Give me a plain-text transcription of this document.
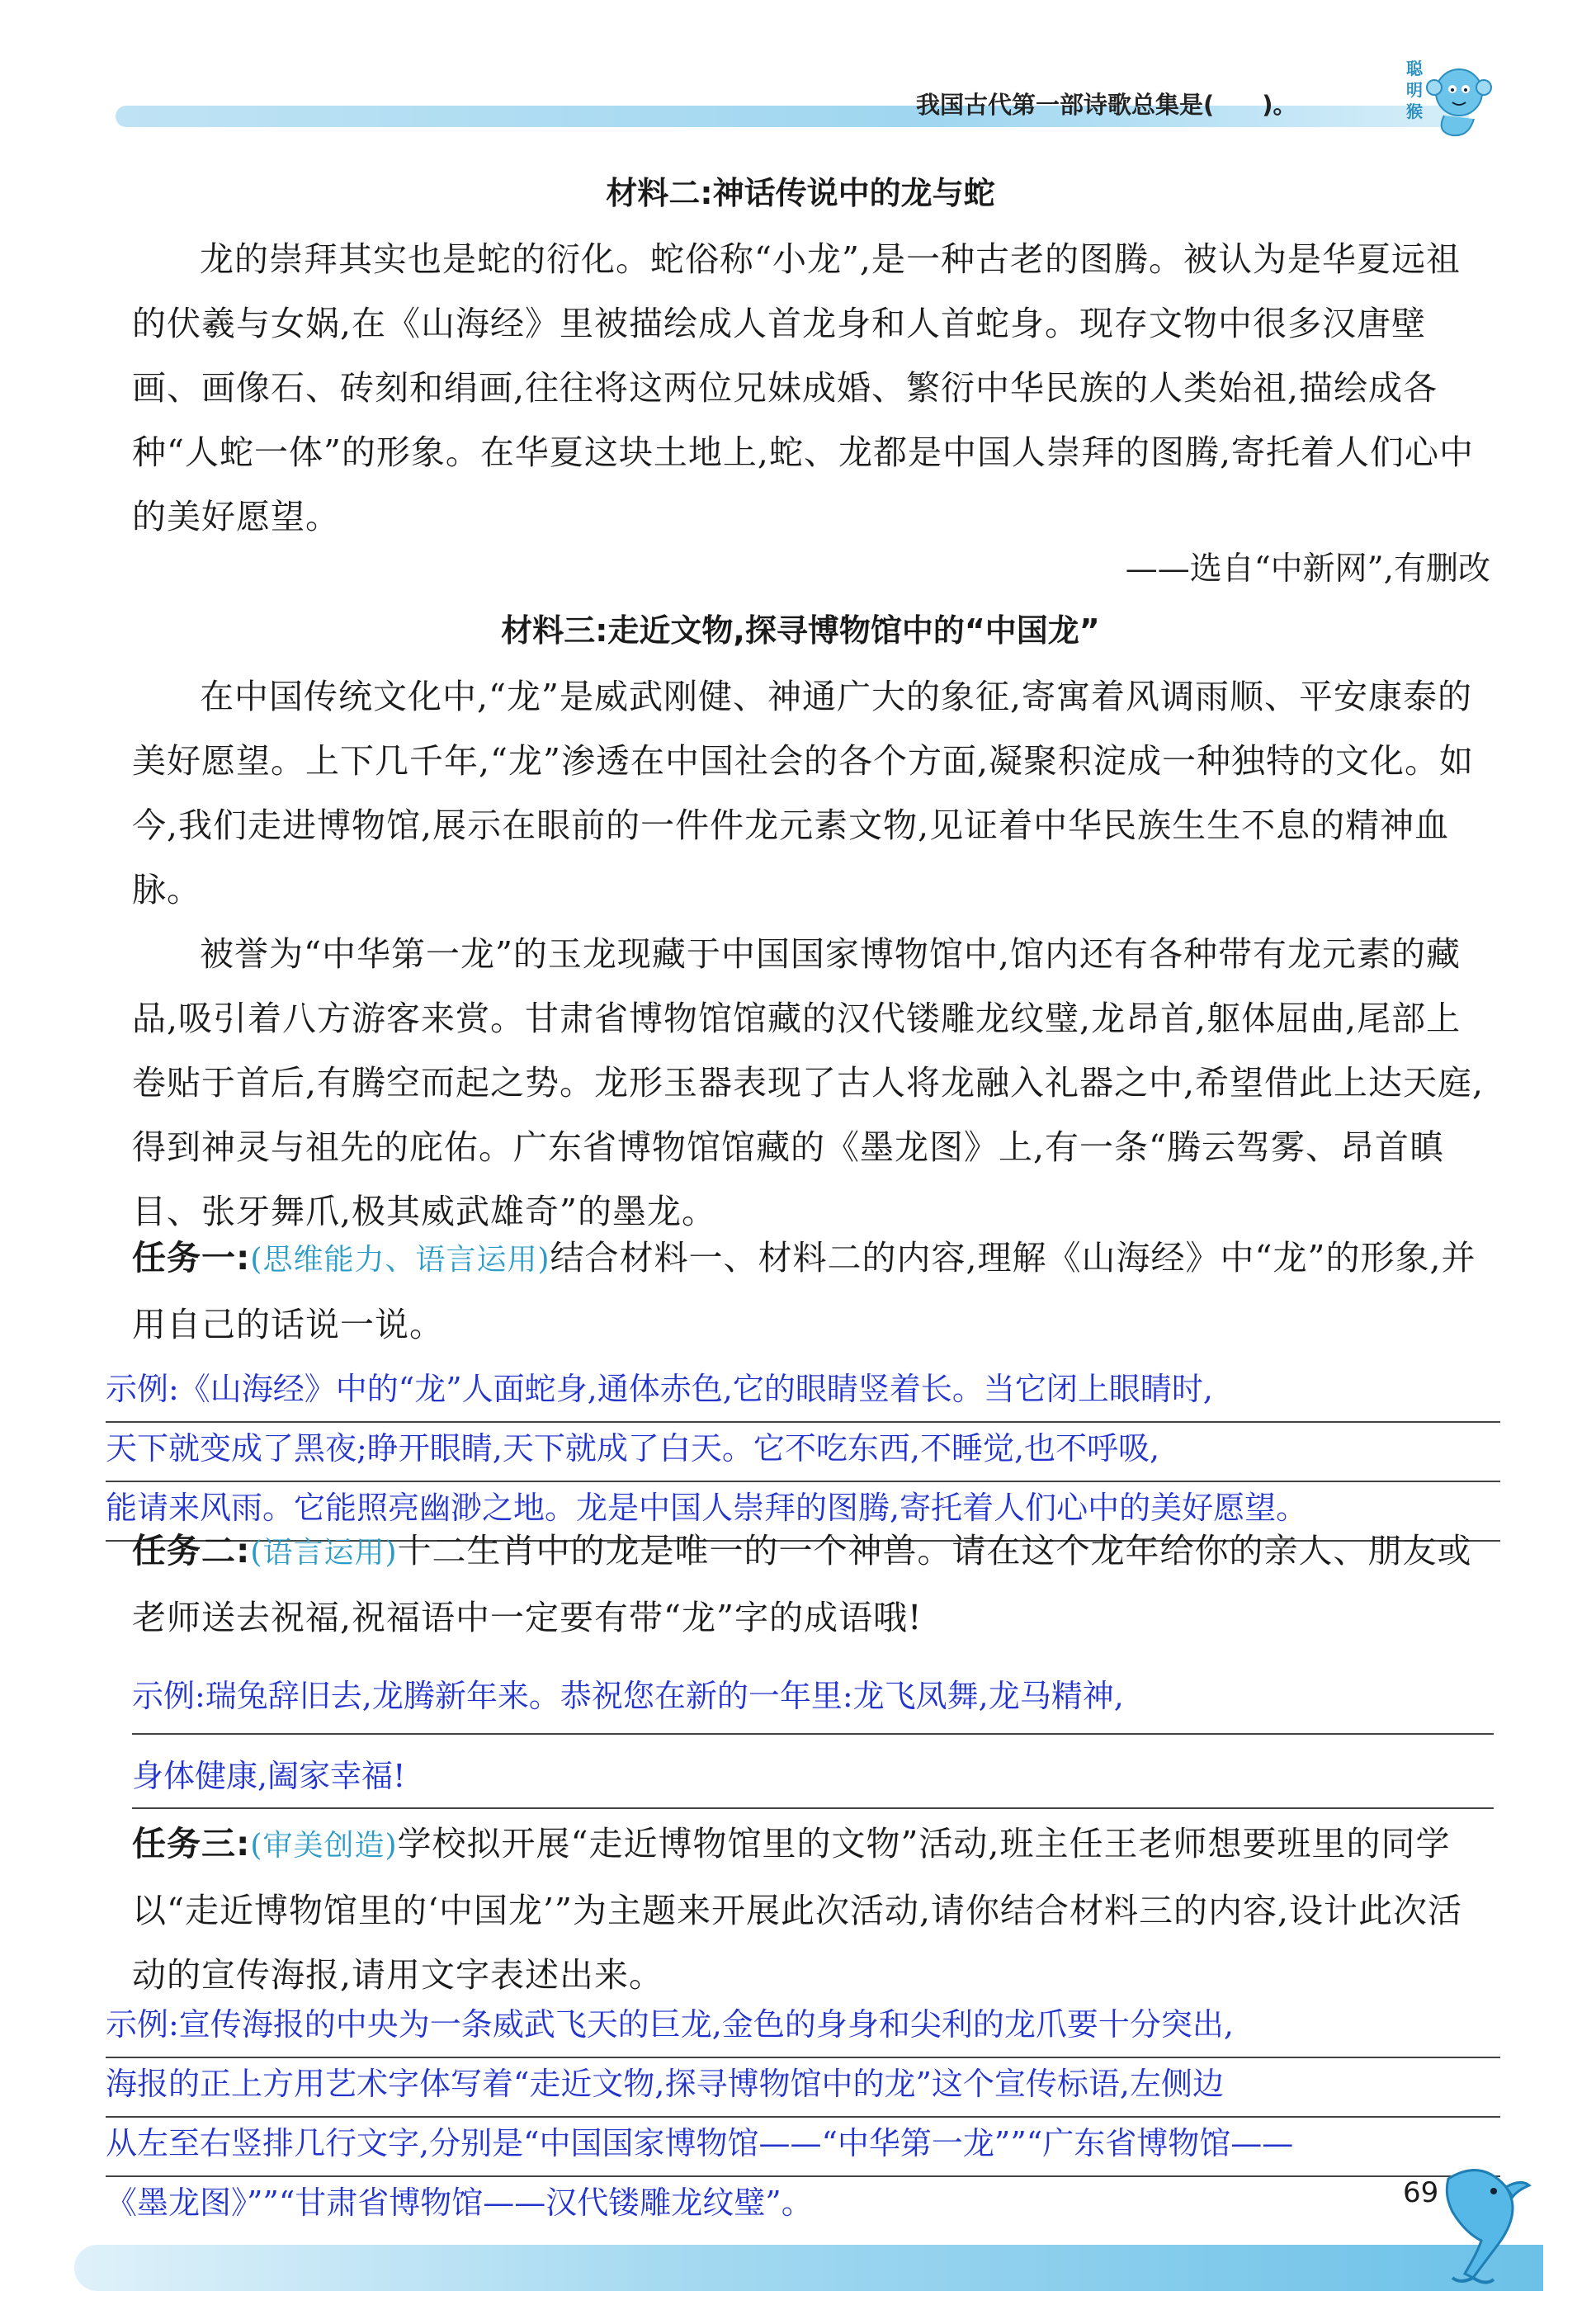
我国古代第一部诗歌总集是(　　)。
聪
明
猴
材料二:神话传说中的龙与蛇

龙的崇拜其实也是蛇的衍化。蛇俗称“小龙”,是一种古老的图腾。被认为是华夏远祖的伏羲与女娲,在《山海经》里被描绘成人首龙身和人首蛇身。现存文物中很多汉唐壁画、画像石、砖刻和绢画,往往将这两位兄妹成婚、繁衍中华民族的人类始祖,描绘成各种“人蛇一体”的形象。在华夏这块土地上,蛇、龙都是中国人崇拜的图腾,寄托着人们心中的美好愿望。

——选自“中新网”,有删改
材料三:走近文物,探寻博物馆中的“中国龙”

在中国传统文化中,“龙”是威武刚健、神通广大的象征,寄寓着风调雨顺、平安康泰的美好愿望。上下几千年,“龙”渗透在中国社会的各个方面,凝聚积淀成一种独特的文化。如今,我们走进博物馆,展示在眼前的一件件龙元素文物,见证着中华民族生生不息的精神血脉。

被誉为“中华第一龙”的玉龙现藏于中国国家博物馆中,馆内还有各种带有龙元素的藏品,吸引着八方游客来赏。甘肃省博物馆馆藏的汉代镂雕龙纹璧,龙昂首,躯体屈曲,尾部上卷贴于首后,有腾空而起之势。龙形玉器表现了古人将龙融入礼器之中,希望借此上达天庭,得到神灵与祖先的庇佑。广东省博物馆馆藏的《墨龙图》上,有一条“腾云驾雾、昂首瞋目、张牙舞爪,极其威武雄奇”的墨龙。

任务一:(思维能力、语言运用)结合材料一、材料二的内容,理解《山海经》中“龙”的形象,并用自己的话说一说。

示例:《山海经》中的“龙”人面蛇身,通体赤色,它的眼睛竖着长。当它闭上眼睛时,
天下就变成了黑夜;睁开眼睛,天下就成了白天。它不吃东西,不睡觉,也不呼吸,
能请来风雨。它能照亮幽渺之地。龙是中国人崇拜的图腾,寄托着人们心中的美好愿望。

任务二:(语言运用)十二生肖中的龙是唯一的一个神兽。请在这个龙年给你的亲人、朋友或老师送去祝福,祝福语中一定要有带“龙”字的成语哦!

示例:瑞兔辞旧去,龙腾新年来。恭祝您在新的一年里:龙飞凤舞,龙马精神,
身体健康,阖家幸福!

任务三:(审美创造)学校拟开展“走近博物馆里的文物”活动,班主任王老师想要班里的同学以“走近博物馆里的‘中国龙’”为主题来开展此次活动,请你结合材料三的内容,设计此次活动的宣传海报,请用文字表述出来。

示例:宣传海报的中央为一条威武飞天的巨龙,金色的身身和尖利的龙爪要十分突出,
海报的正上方用艺术字体写着“走近文物,探寻博物馆中的龙”这个宣传标语,左侧边
从左至右竖排几行文字,分别是“中国国家博物馆——“中华第一龙””“广东省博物馆——
《墨龙图》””“甘肃省博物馆——汉代镂雕龙纹璧”。	69
